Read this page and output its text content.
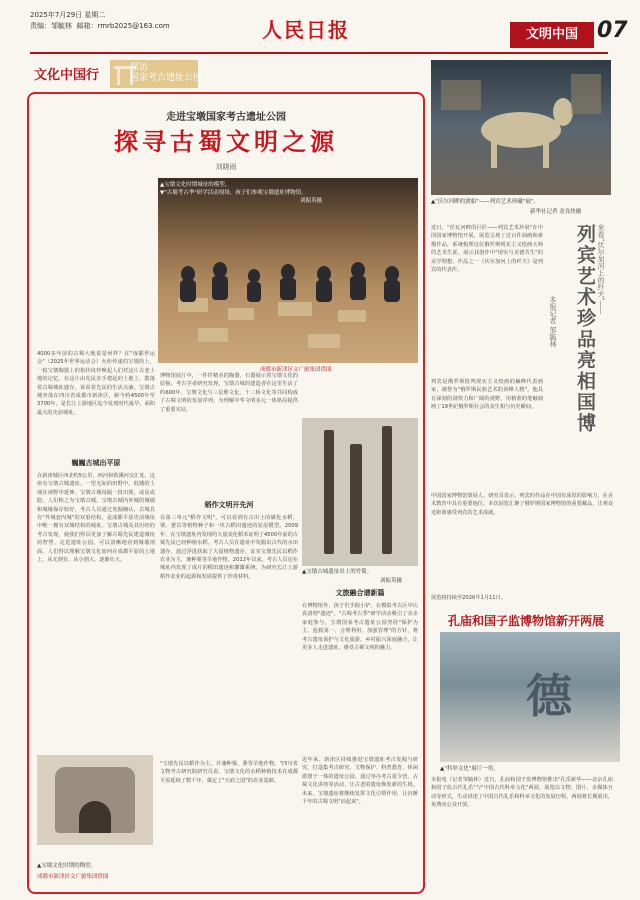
2025年7月29日 星期二
责编：邹毓林 邮箱：rmrb2025@163.com	人民日报	文明中国 07
文化中国行	探访
国家考古遗址公园
走进宝墩国家考古遗址公园
探寻古蜀文明之源
刘晓雨
▲宝墩文化时期城址的模型。
▼"古蜀考古季"研学活动现场，孩子们参观宝墩遗址博物馆。
刘振英摄
成都市新津区文广旅集团供图
4000多年前的古蜀大地说是何样？在"成都世运会"（2025年世界运动会）火炬传递的宝墩段上，一枚宝墩陶器上的指状纹样唤起人们对这片古老土地的记忆。在这片由先民亲手建起的土地上，散落着古蜀城址遗存，诉说着先民的生活点滴。宝墩古城坐落在四川省成都市新津区，距今约4500年至3700年，是长江上游地区迄今发现时代最早、面积最大的史前城址。
巍巍古城出平原
在新津城区西北约5公里，西河和铁溪河交汇处，这座有宝墩古城遗址。一望无际的田野中，低矮的土埂在视野中延伸，宝墩古城每隔一段出现，或显或隐，人们称之为宝墩古城。宝墩古城内外城的城墙和城壕保存较好，考古人员通过发掘确认，古城具有"外城套内城"的双重结构，是成都平原史前城址中唯一拥有双城结构的城址。宝墩古城及其历经的考古发现，使我们得以更加了解古蜀先民建造城址的智慧。走进遗址公园，可以清晰地看到城墙剖面。人们得以理解宝墩文化如何在成都平原的土地上，从无到有、从小到大，逐渐壮大。
博物馆展厅中，一件件精美的陶器、石器展示着宝墩文化的原貌。考古学者研究发现，宝墩古城的建造者在这里生活了约600年。宝墩文化与三星堆文化、十二桥文化等共同构成了古蜀文明的发展序列，为理解中华文明多元一体格局提供了重要实证。
稻作文明开先河
在第三单元"稻作文明"，可以看到有古出土的碳化水稻、粟、薏苡等植物种子和一块古稻田遗迹的复原模型。2009年，在宝墩遗址内发现的大量炭化稻米证明了4500年前的古蜀先民已经种植水稻。考古人员在遗址中发掘出古代的水田遗存，通过浮选获取了大量植物遗存，证实宝墩先民以稻作农业为主，兼种粟等旱地作物。2012年以来，考古人员还在城址内发现了成片的稻田遗迹和灌溉系统，为研究长江上游稻作农业的起源和发展提供了珍贵材料。
"宝墩先民以稻作为主，并兼种粟、黍等旱地作物。"四川省文物考古研究院研究员说，宝墩文化的水稻种植技术在成都平原延续了数千年，奠定了"天府之国"的农业基础。
▲宝墩古城遗址出土的竹简。
刘振英摄
文旅融合谱新篇
在博物馆外，孩子们手握小铲，在模拟考古区中认真清理"遗迹"。"古蜀考古季"研学活动吸引了众多家庭参与。宝墩国家考古遗址公园坚持"保护为主、抢救第一、合理利用、加强管理"的方针，将考古遗址保护与文化旅游、乡村振兴深度融合，让更多人走进遗址、感受古蜀文明的魅力。
近年来，新津区持续推进宝墩遗址考古发掘与研究，打造集考古研究、文物保护、科普教育、休闲游憩于一体的遗址公园。通过举办考古夏令营、古蜀文化讲座等活动，让古老的遗址焕发新的生机。未来，宝墩遗址将继续发挥文化引领作用，让沉睡千年的古蜀文明"活起来"。
▲宝墩文化时期的陶窑。
成都市新津区文广旅集团供图
▲"沃尔河畔的渡船"——列宾艺术珍藏"展"。
新华社记者 金良快摄
来看"伏尔加河上的纤夫"——
列宾艺术珍品亮相国博
本报记者 邹毓林
近日，"涅瓦河畔的巨匠——列宾艺术珍展"在中国国家博物馆开展。展览呈现了近百件油画和素描作品，系统梳理这位俄罗斯现实主义绘画大师的艺术生涯，展示其创作中"现实与美德共生"的美学理想。作品之一《伏尔加河上的纤夫》是列宾的代表作。
列宾是俄罗斯批判现实主义绘画的巅峰代表画家，被誉为"俄罗斯民族艺术的顶峰人物"。他具有深刻的洞察力和广阔的视野，用精准的笔触刻画了19世纪俄罗斯社会的众生相与历史瞬间。
中国国家博物馆策展人、研究员表示，列宾的作品在中国有深厚的影响力，在美术教育中具有重要地位。本次展览汇聚了俄罗斯国家博物馆的重要藏品，让观众近距离感受列宾的艺术成就。
展览将持续至2026年1月11日。
孔庙和国子监博物馆新开两展
德
▲"科举文化"展厅一角。
本报电（记者邹毓林）近日，孔庙和国子监博物馆推出"孔乐新华——北京孔庙和国子监古代礼乐"与"中国古代科举文化"两展。展览以文物、图片、多媒体互动等形式，生动讲述了中国古代礼乐和科举文化的发展历程。两展将长期展出，免费向公众开放。
